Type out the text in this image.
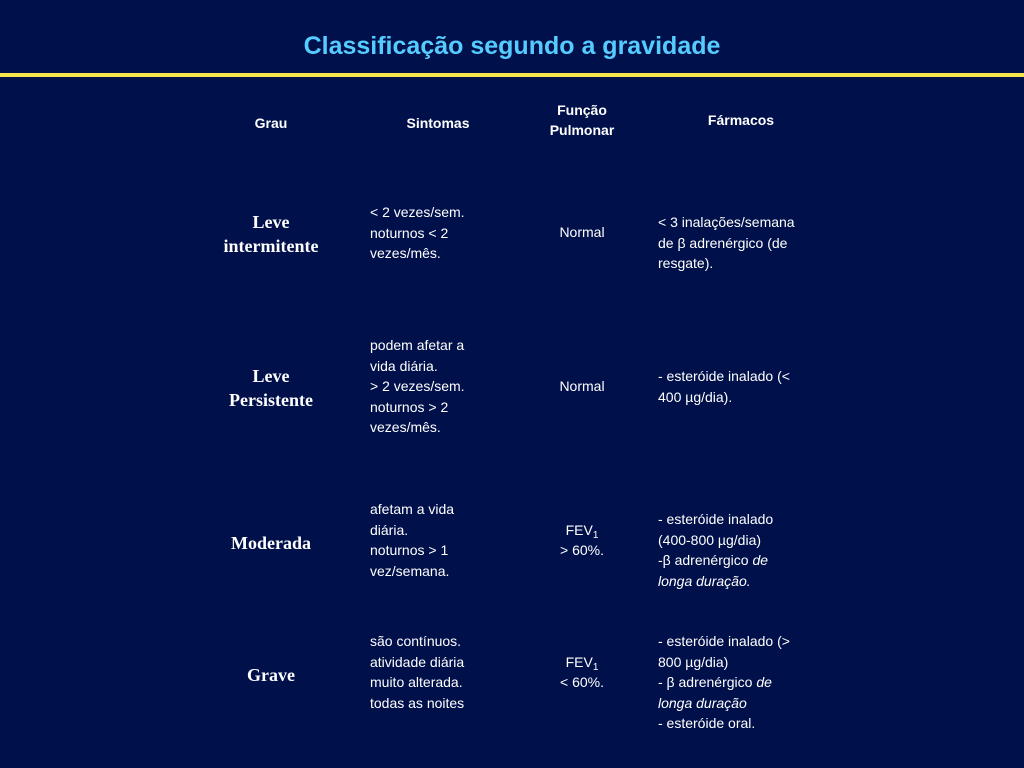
Classificação segundo a gravidade
Grau	Sintomas
Função
Pulmonar
Fármacos
Leve
intermitente
< 2 vezes/sem.
noturnos < 2
vezes/mês.
Normal
< 3 inalações/semana
de β adrenérgico (de
resgate).
Leve
Persistente
podem afetar a
vida diária.
> 2 vezes/sem.
noturnos > 2
vezes/mês.
Normal
- esteróide inalado (<
400 µg/dia).
Moderada
afetam a vida
diária.
noturnos > 1
vez/semana.
$FEV_1$
> 60%.
- esteróide inalado
(400-800 µg/dia)
-β adrenérgico de
longa duração.
Grave
são contínuos.
atividade diária
muito alterada.
todas as noites
$FEV_1$
< 60%.
- esteróide inalado (>
800 µg/dia)
- β adrenérgico de
longa duração
- esteróide oral.
